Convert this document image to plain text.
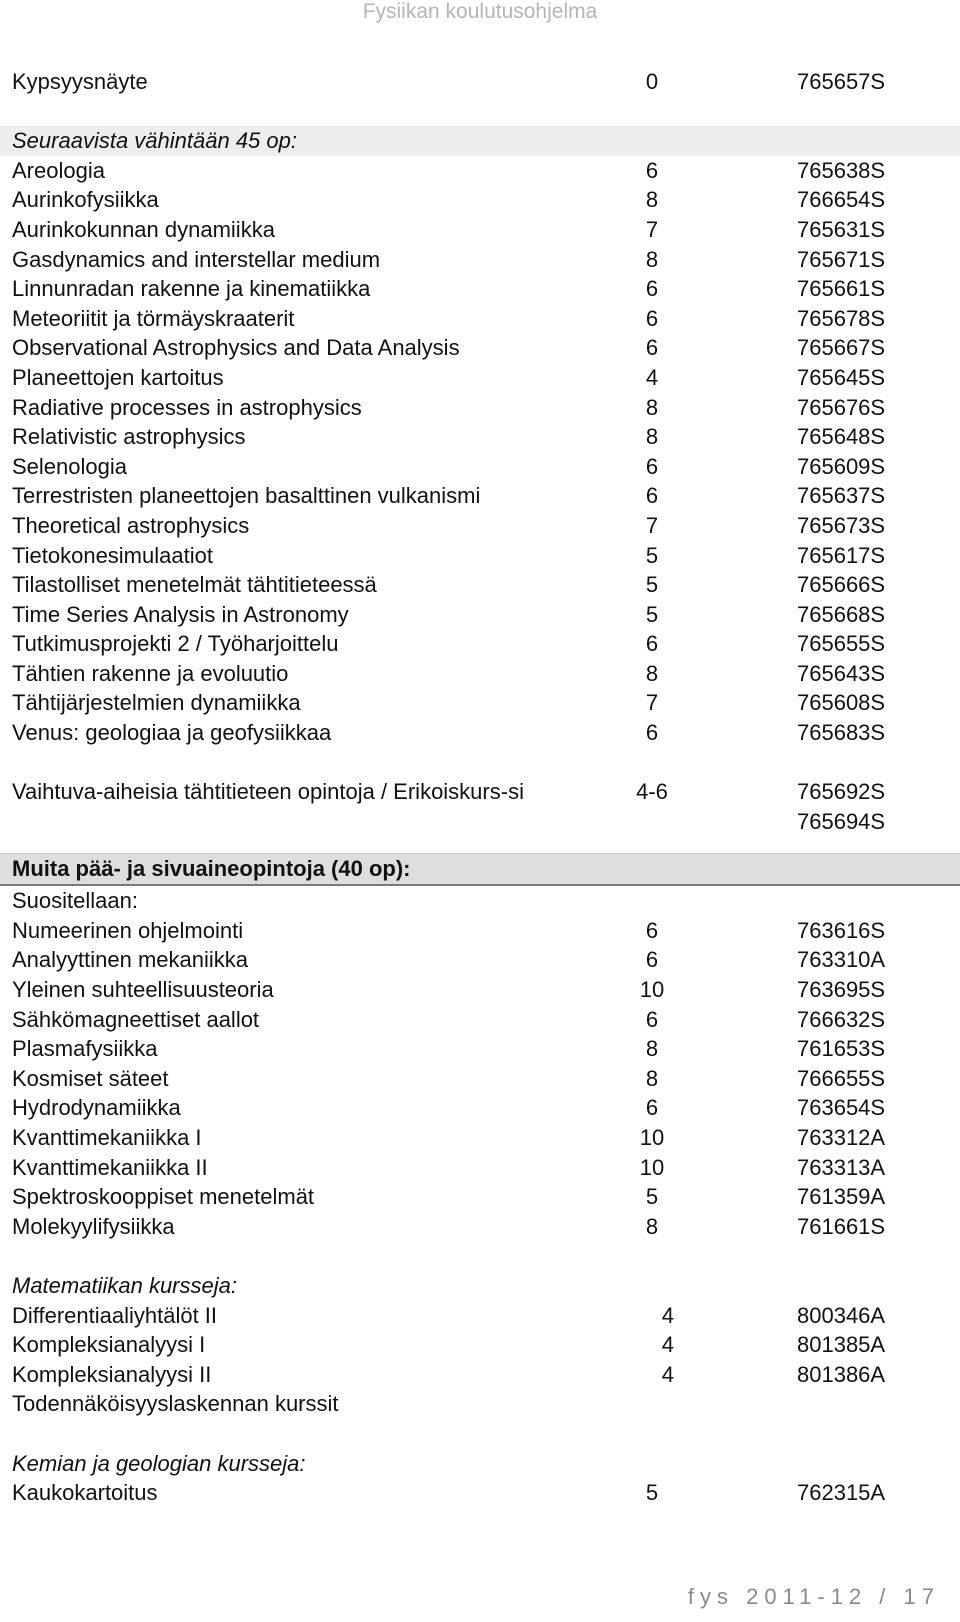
Fysiikan koulutusohjelma
Kypsyysnäyte	0	765657S
Seuraavista vähintään 45 op:
Areologia	6	765638S
Aurinkofysiikka	8	766654S
Aurinkokunnan dynamiikka	7	765631S
Gasdynamics and interstellar medium	8	765671S
Linnunradan rakenne ja kinematiikka	6	765661S
Meteoriitit ja törmäyskraaterit	6	765678S
Observational Astrophysics and Data Analysis	6	765667S
Planeettojen kartoitus	4	765645S
Radiative processes in astrophysics	8	765676S
Relativistic astrophysics	8	765648S
Selenologia	6	765609S
Terrestristen planeettojen basalttinen vulkanismi	6	765637S
Theoretical astrophysics	7	765673S
Tietokonesimulaatiot	5	765617S
Tilastolliset menetelmät tähtitieteessä	5	765666S
Time Series Analysis in Astronomy	5	765668S
Tutkimusprojekti 2 / Työharjoittelu	6	765655S
Tähtien rakenne ja evoluutio	8	765643S
Tähtijärjestelmien dynamiikka	7	765608S
Venus: geologiaa ja geofysiikkaa	6	765683S
Vaihtuva-aiheisia tähtitieteen opintoja / Erikoiskurs-si	4-6	765692S
765694S
Muita pää- ja sivuaineopintoja (40 op):
Suositellaan:
Numeerinen ohjelmointi	6	763616S
Analyyttinen mekaniikka	6	763310A
Yleinen suhteellisuusteoria	10	763695S
Sähkömagneettiset aallot	6	766632S
Plasmafysiikka	8	761653S
Kosmiset säteet	8	766655S
Hydrodynamiikka	6	763654S
Kvanttimekaniikka I	10	763312A
Kvanttimekaniikka II	10	763313A
Spektroskooppiset menetelmät	5	761359A
Molekyylifysiikka	8	761661S
Matematiikan kursseja:
Differentiaaliyhtälöt II	4	800346A
Kompleksianalyysi I	4	801385A
Kompleksianalyysi II	4	801386A
Todennäköisyyslaskennan kurssit
Kemian ja geologian kursseja:
Kaukokartoitus	5	762315A
fys 2011-12 / 17
